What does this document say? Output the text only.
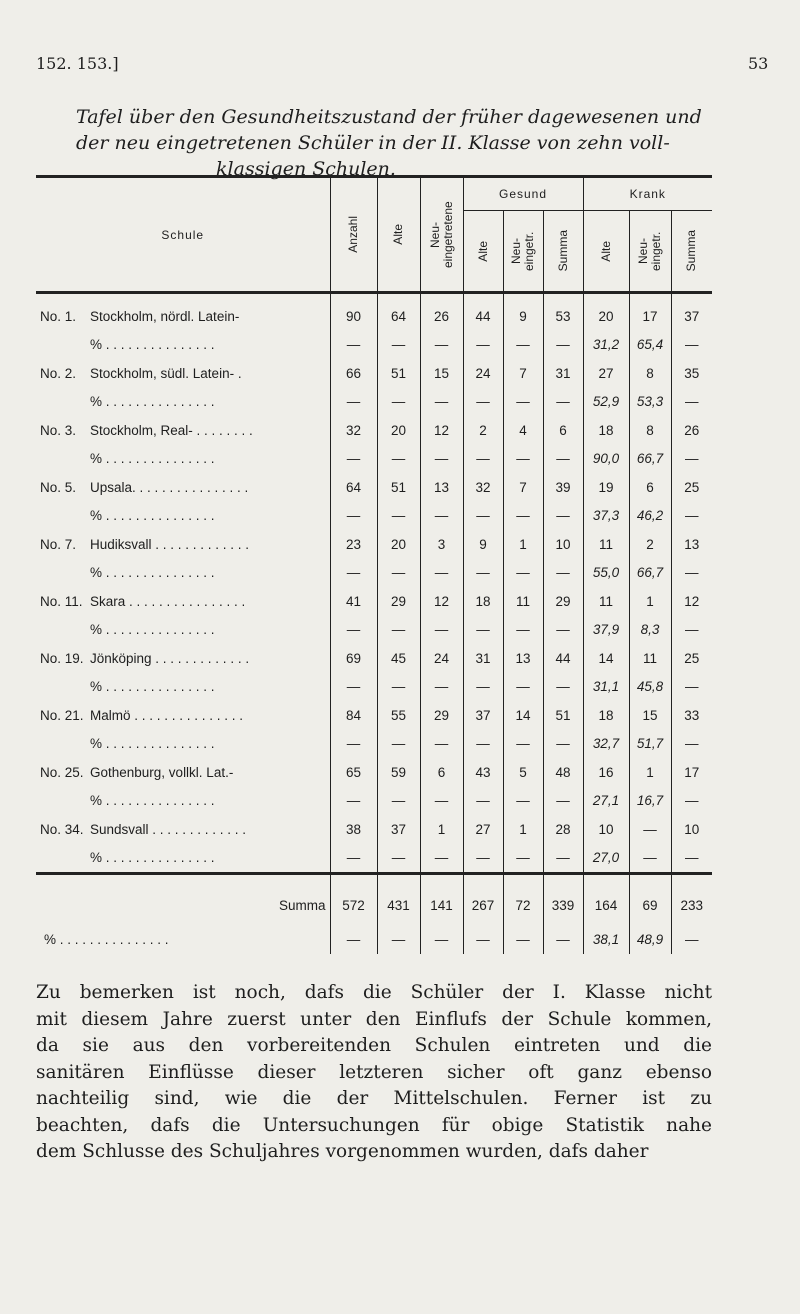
152. 153.]	53
Tafel über den Gesundheitszustand der früher dagewesenen und
der neu eingetretenen Schüler in der II. Klasse von zehn voll-
klassigen Schulen.
Schule	Anzahl	Alte	Neu-eingetretene	Gesund			Krank		

				Alte	Neu-eingetr.	Summa	Alte	Neu-eingetr.	Summa

No. 1. Stockholm, nördl. Latein-	90	64	26	44	9	53	20	17	37
% . . . . . . . . . . . . . . .	—	—	—	—	—	—	31,2	65,4	—
No. 2. Stockholm, südl. Latein- .	66	51	15	24	7	31	27	8	35
% . . . . . . . . . . . . . . .	—	—	—	—	—	—	52,9	53,3	—
No. 3. Stockholm, Real- . . . . . . . .	32	20	12	2	4	6	18	8	26
% . . . . . . . . . . . . . . .	—	—	—	—	—	—	90,0	66,7	—
No. 5. Upsala. . . . . . . . . . . . . . . .	64	51	13	32	7	39	19	6	25
% . . . . . . . . . . . . . . .	—	—	—	—	—	—	37,3	46,2	—
No. 7. Hudiksvall . . . . . . . . . . . . .	23	20	3	9	1	10	11	2	13
% . . . . . . . . . . . . . . .	—	—	—	—	—	—	55,0	66,7	—
No. 11. Skara . . . . . . . . . . . . . . . .	41	29	12	18	11	29	11	1	12
% . . . . . . . . . . . . . . .	—	—	—	—	—	—	37,9	8,3	—
No. 19. Jönköping . . . . . . . . . . . . .	69	45	24	31	13	44	14	11	25
% . . . . . . . . . . . . . . .	—	—	—	—	—	—	31,1	45,8	—
No. 21. Malmö . . . . . . . . . . . . . . .	84	55	29	37	14	51	18	15	33
% . . . . . . . . . . . . . . .	—	—	—	—	—	—	32,7	51,7	—
No. 25. Gothenburg, vollkl. Lat.-	65	59	6	43	5	48	16	1	17
% . . . . . . . . . . . . . . .	—	—	—	—	—	—	27,1	16,7	—
No. 34. Sundsvall . . . . . . . . . . . . .	38	37	1	27	1	28	10	—	10
% . . . . . . . . . . . . . . .	—	—	—	—	—	—	27,0	—	—
Summa	572	431	141	267	72	339	164	69	233
% . . . . . . . . . . . . . . .	—	—	—	—	—	—	38,1	48,9	—

Zu bemerken ist noch, dafs die Schüler der I. Klasse nicht

mit diesem Jahre zuerst unter den Einflufs der Schule kommen,

da sie aus den vorbereitenden Schulen eintreten und die

sanitären Einflüsse dieser letzteren sicher oft ganz ebenso

nachteilig sind, wie die der Mittelschulen. Ferner ist zu

beachten, dafs die Untersuchungen für obige Statistik nahe

dem Schlusse des Schuljahres vorgenommen wurden, dafs daher
